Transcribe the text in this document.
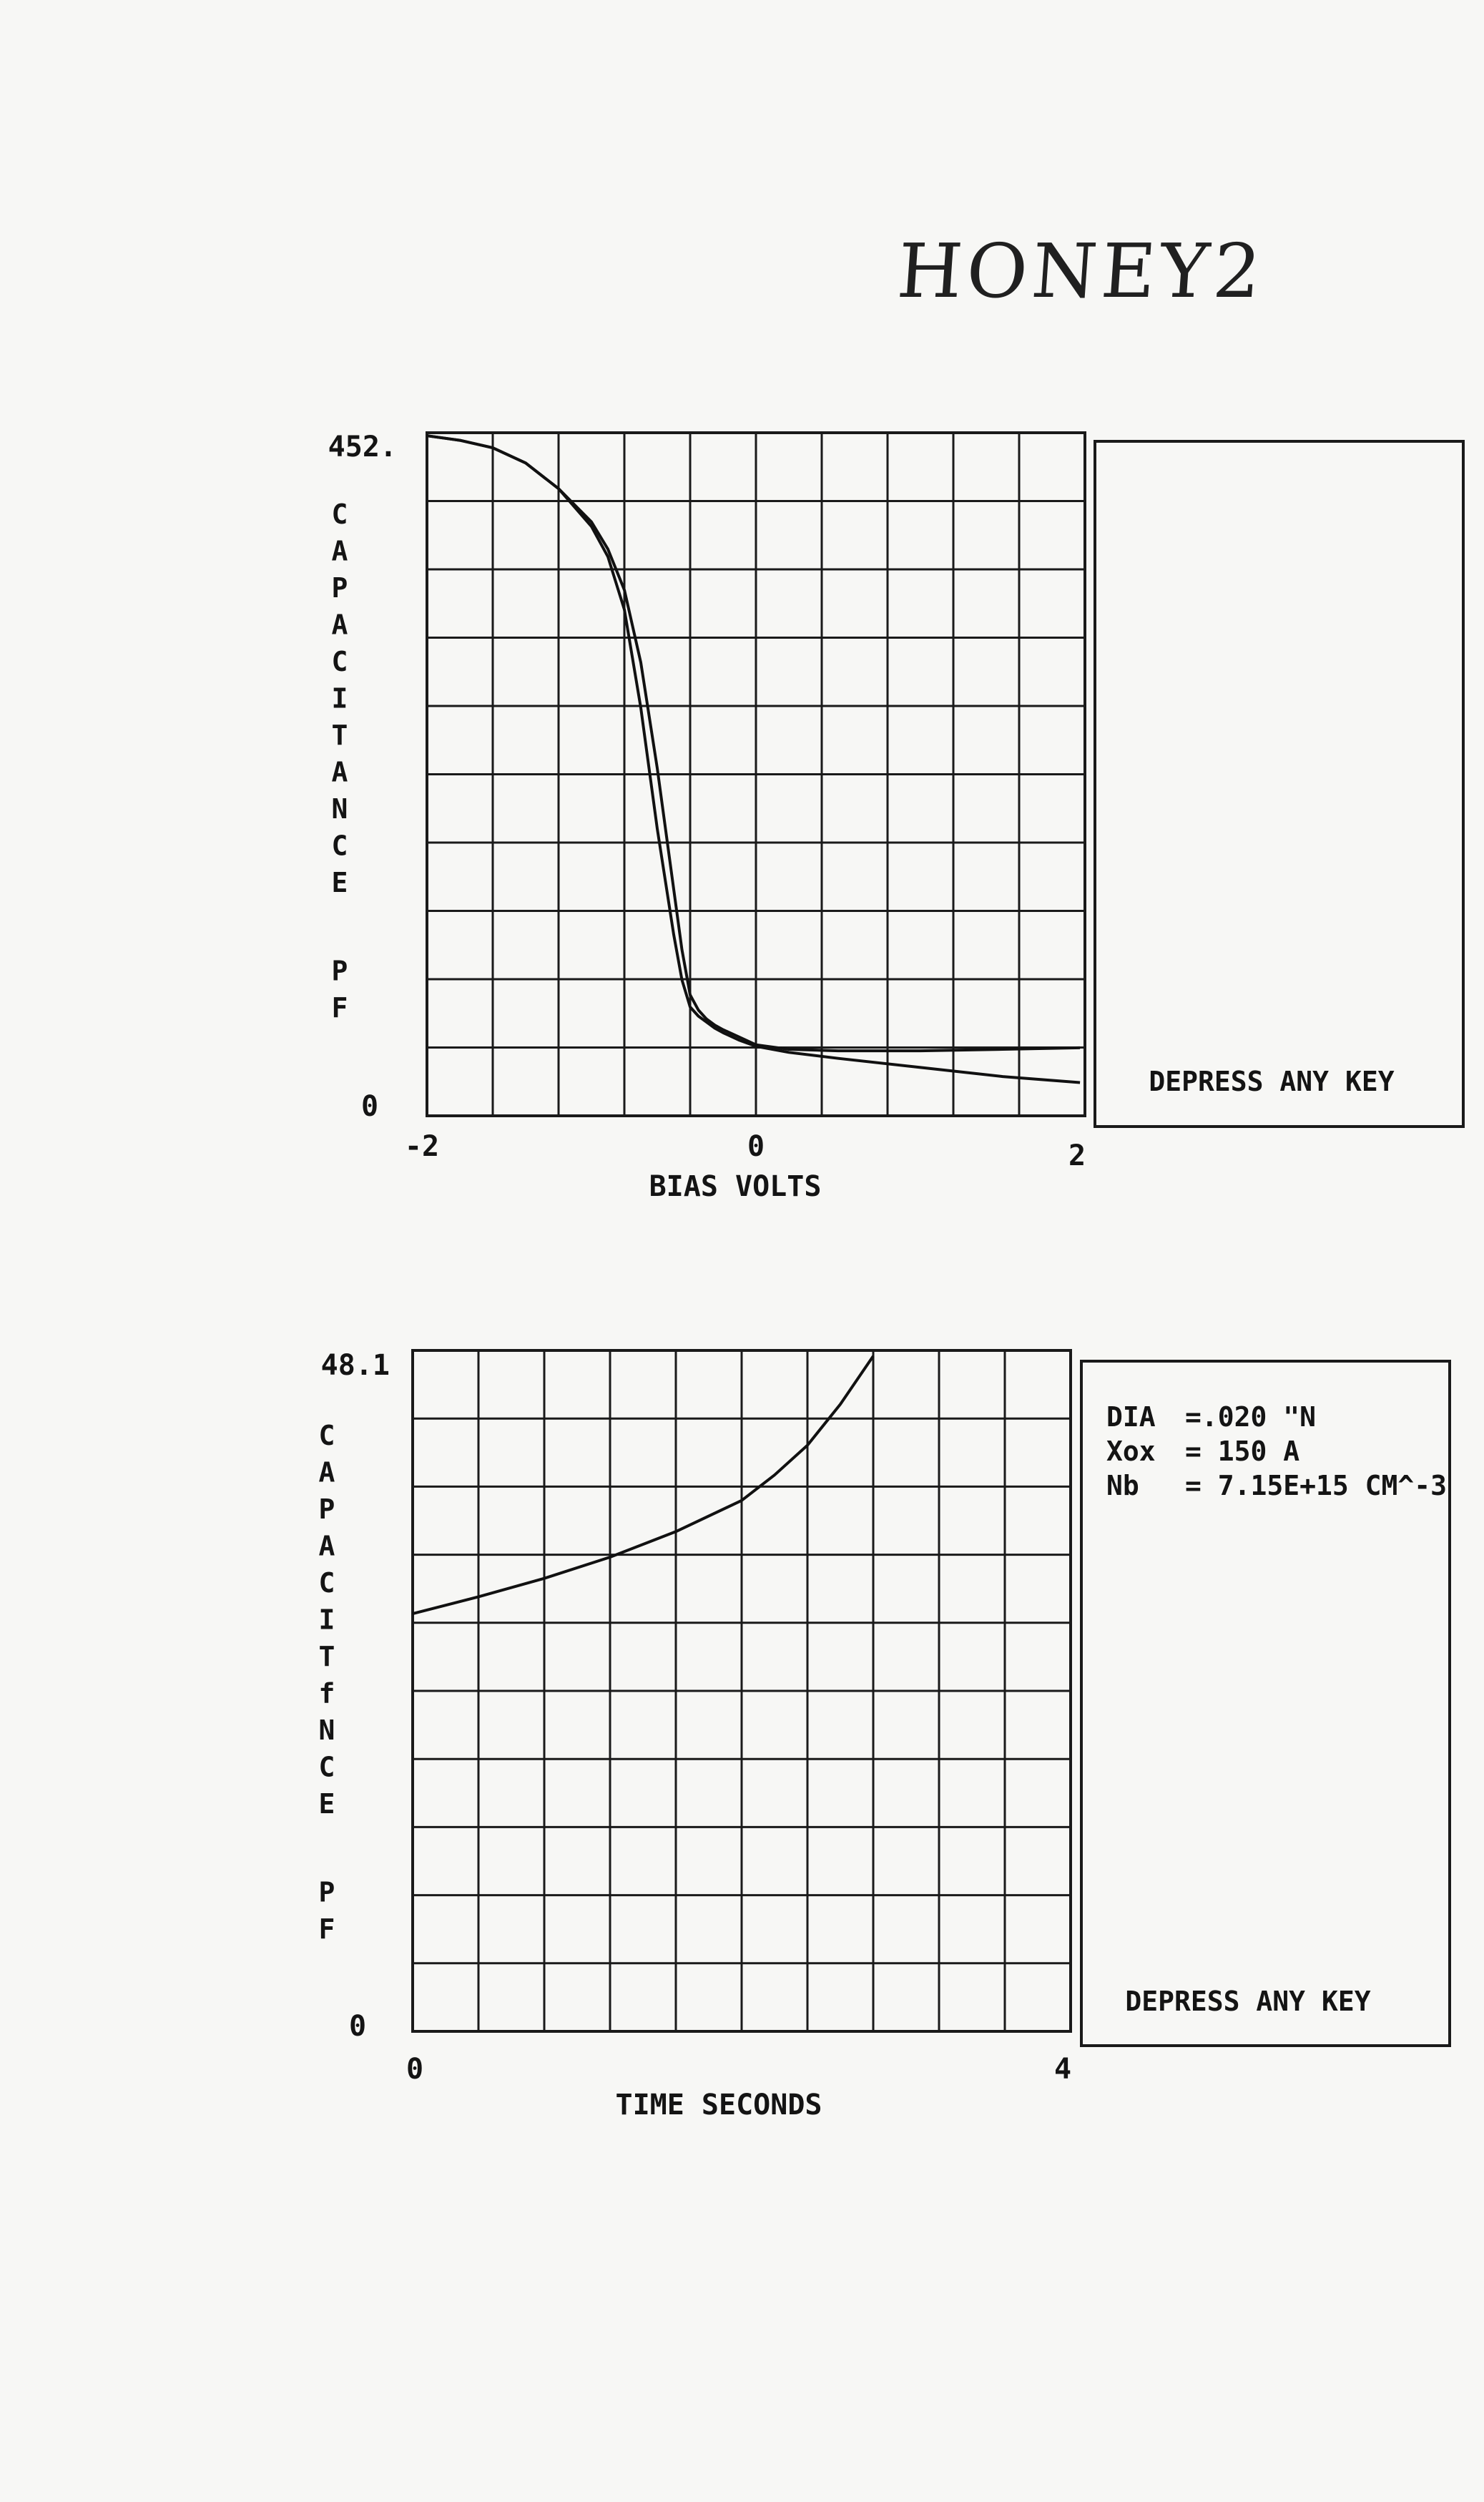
HONEY2
452.
0
-2	0	2
BIAS VOLTS
C
A
P
A
C
I
T
A
N
C
E
P
F
DEPRESS ANY KEY
48.1
0
0	4
TIME SECONDS
C
A
P
A
C
I
T
f
N
C
E
P
F
DIA =.020 "N
Xox = 150 A
Nb = 7.15E+15 CM^-3
DEPRESS ANY KEY
